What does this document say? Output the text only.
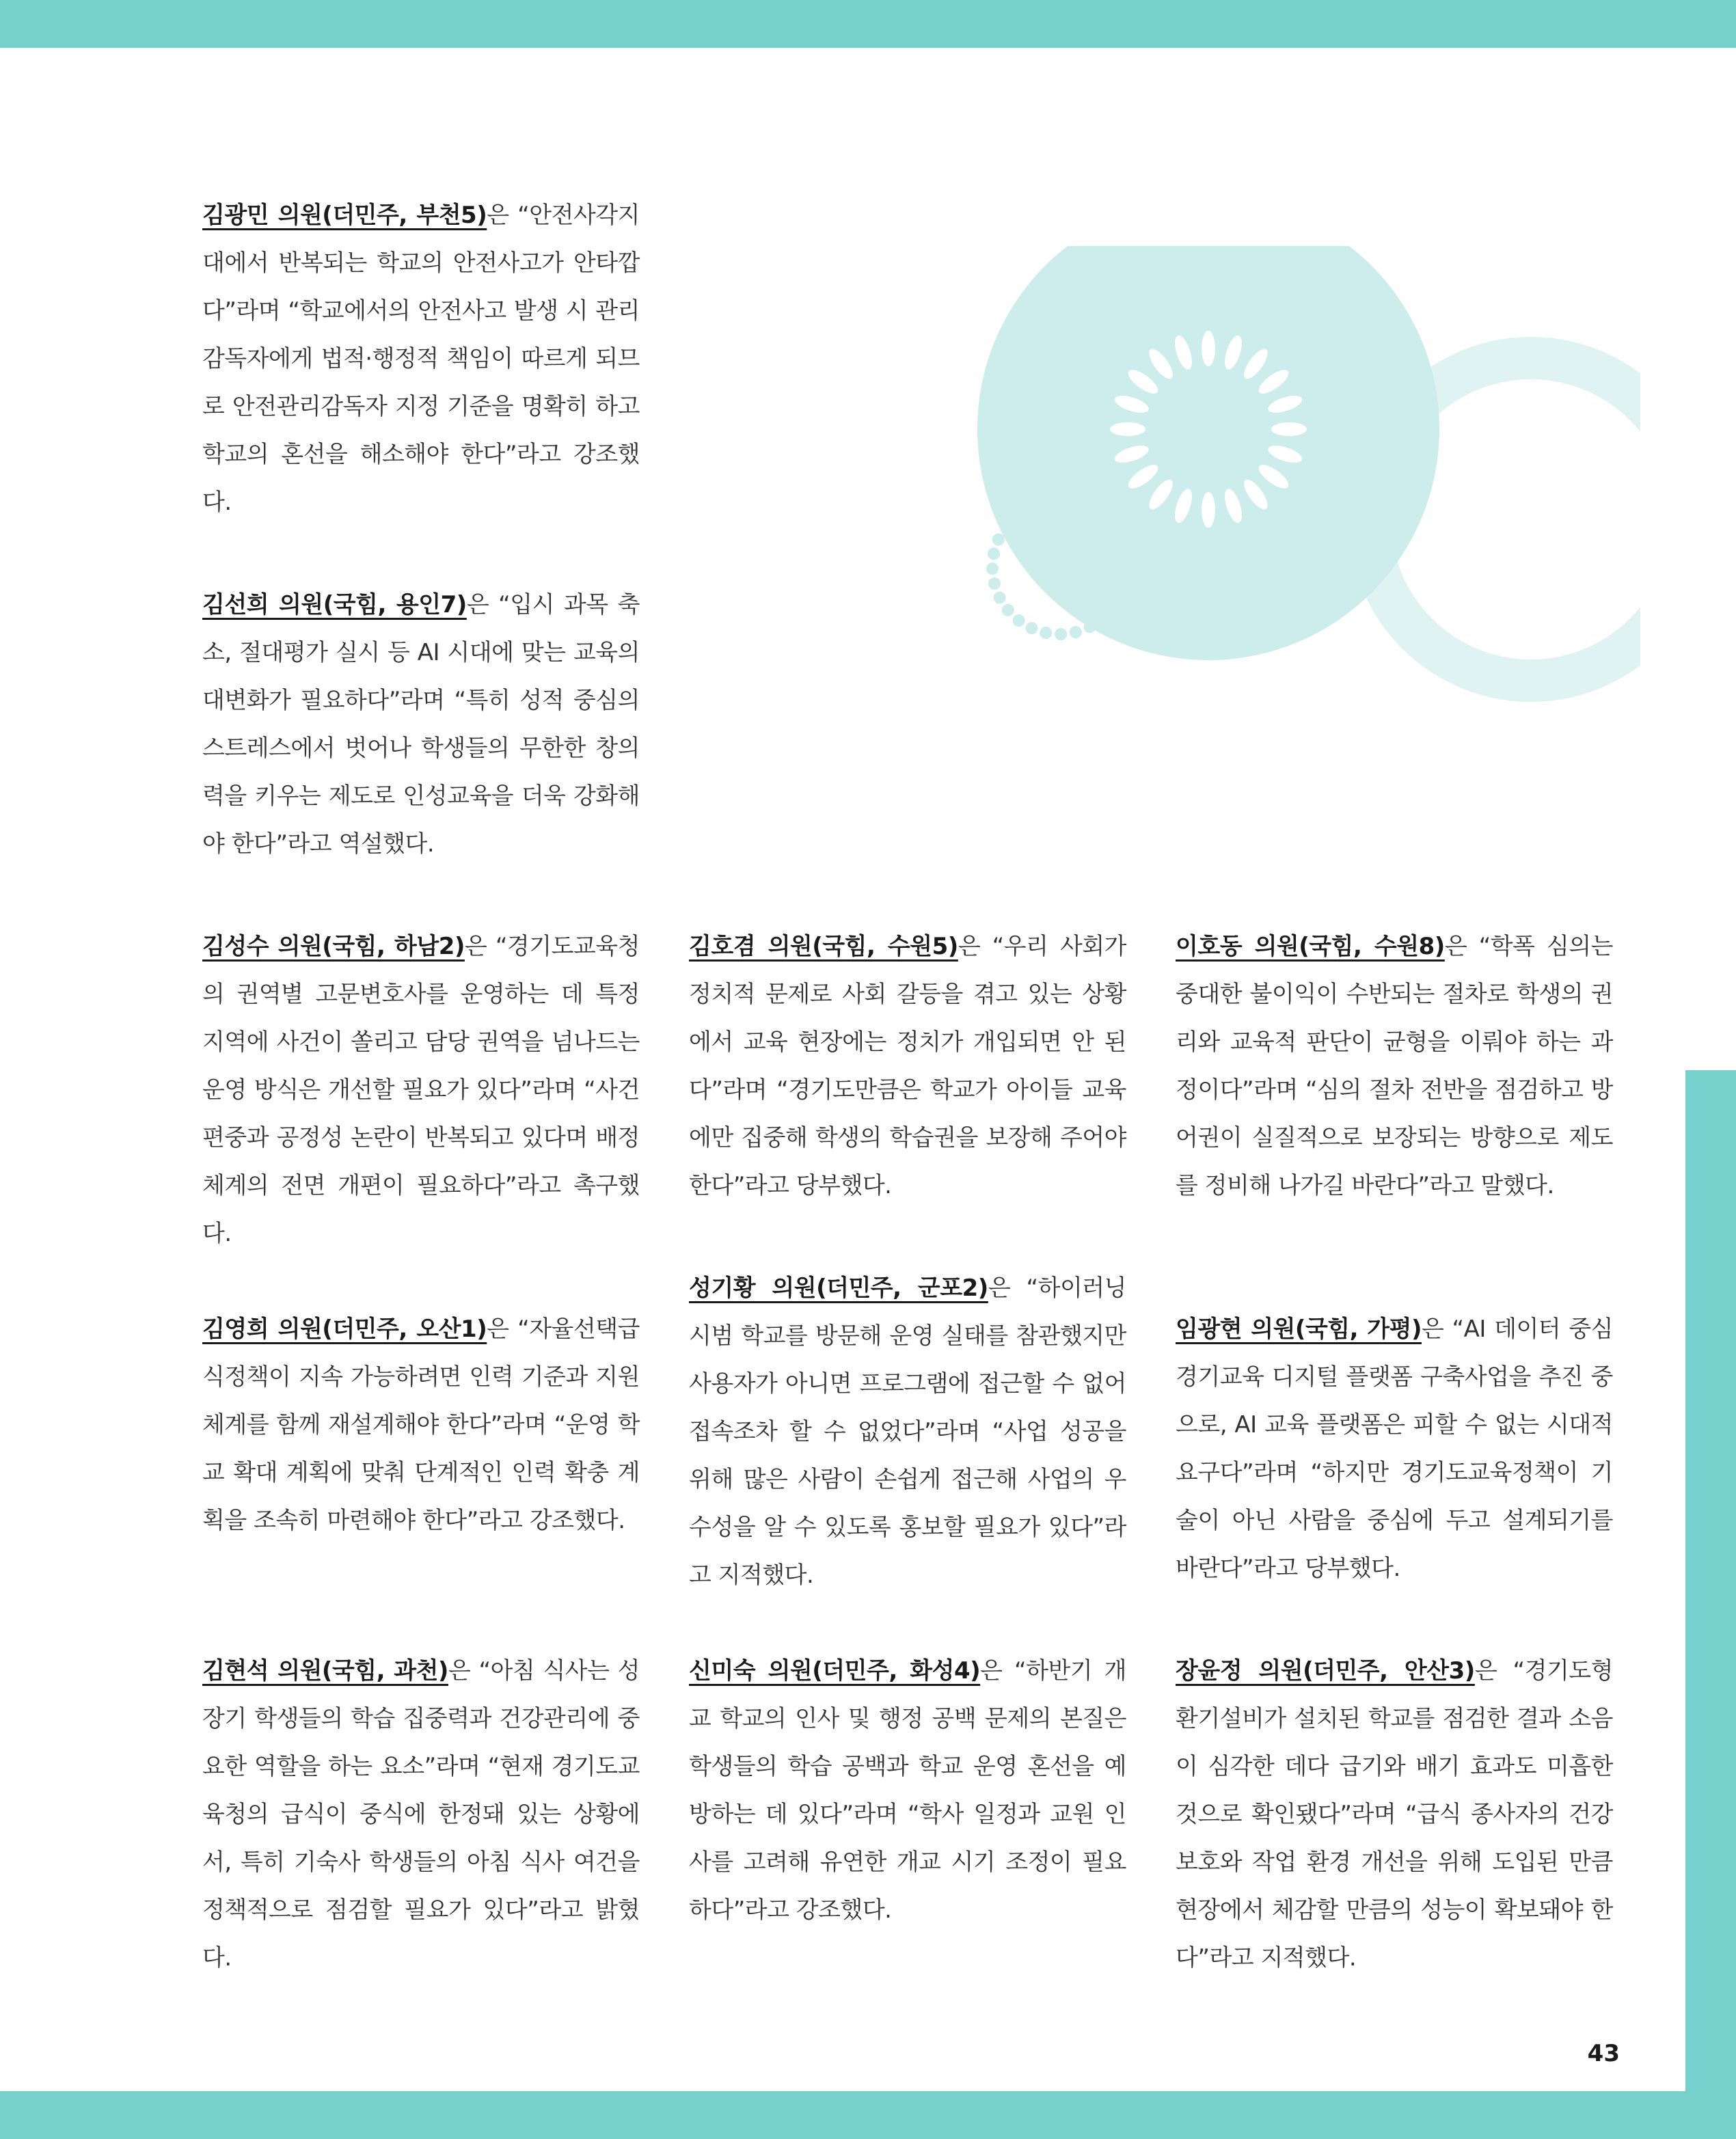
김광민 의원(더민주, 부천5)은 “안전사각지대에서 반복되는 학교의 안전사고가 안타깝다”라며 “학교에서의 안전사고 발생 시 관리감독자에게 법적·행정적 책임이 따르게 되므로 안전관리감독자 지정 기준을 명확히 하고 학교의 혼선을 해소해야 한다”라고 강조했다.
김선희 의원(국힘, 용인7)은 “입시 과목 축소, 절대평가 실시 등 AI 시대에 맞는 교육의 대변화가 필요하다”라며 “특히 성적 중심의 스트레스에서 벗어나 학생들의 무한한 창의력을 키우는 제도로 인성교육을 더욱 강화해야 한다”라고 역설했다.
김성수 의원(국힘, 하남2)은 “경기도교육청의 권역별 고문변호사를 운영하는 데 특정 지역에 사건이 쏠리고 담당 권역을 넘나드는 운영 방식은 개선할 필요가 있다”라며 “사건 편중과 공정성 논란이 반복되고 있다며 배정체계의 전면 개편이 필요하다”라고 촉구했다.
김영희 의원(더민주, 오산1)은 “자율선택급식정책이 지속 가능하려면 인력 기준과 지원체계를 함께 재설계해야 한다”라며 “운영 학교 확대 계획에 맞춰 단계적인 인력 확충 계획을 조속히 마련해야 한다”라고 강조했다.
김현석 의원(국힘, 과천)은 “아침 식사는 성장기 학생들의 학습 집중력과 건강관리에 중요한 역할을 하는 요소”라며 “현재 경기도교육청의 급식이 중식에 한정돼 있는 상황에서, 특히 기숙사 학생들의 아침 식사 여건을 정책적으로 점검할 필요가 있다”라고 밝혔다.
김호겸 의원(국힘, 수원5)은 “우리 사회가 정치적 문제로 사회 갈등을 겪고 있는 상황에서 교육 현장에는 정치가 개입되면 안 된다”라며 “경기도만큼은 학교가 아이들 교육에만 집중해 학생의 학습권을 보장해 주어야 한다”라고 당부했다.
성기황 의원(더민주, 군포2)은 “하이러닝 시범 학교를 방문해 운영 실태를 참관했지만 사용자가 아니면 프로그램에 접근할 수 없어 접속조차 할 수 없었다”라며 “사업 성공을 위해 많은 사람이 손쉽게 접근해 사업의 우수성을 알 수 있도록 홍보할 필요가 있다”라고 지적했다.
신미숙 의원(더민주, 화성4)은 “하반기 개교 학교의 인사 및 행정 공백 문제의 본질은 학생들의 학습 공백과 학교 운영 혼선을 예방하는 데 있다”라며 “학사 일정과 교원 인사를 고려해 유연한 개교 시기 조정이 필요하다”라고 강조했다.
이호동 의원(국힘, 수원8)은 “학폭 심의는 중대한 불이익이 수반되는 절차로 학생의 권리와 교육적 판단이 균형을 이뤄야 하는 과정이다”라며 “심의 절차 전반을 점검하고 방어권이 실질적으로 보장되는 방향으로 제도를 정비해 나가길 바란다”라고 말했다.
임광현 의원(국힘, 가평)은 “AI 데이터 중심 경기교육 디지털 플랫폼 구축사업을 추진 중으로, AI 교육 플랫폼은 피할 수 없는 시대적 요구다”라며 “하지만 경기도교육정책이 기술이 아닌 사람을 중심에 두고 설계되기를 바란다”라고 당부했다.
장윤정 의원(더민주, 안산3)은 “경기도형 환기설비가 설치된 학교를 점검한 결과 소음이 심각한 데다 급기와 배기 효과도 미흡한 것으로 확인됐다”라며 “급식 종사자의 건강 보호와 작업 환경 개선을 위해 도입된 만큼 현장에서 체감할 만큼의 성능이 확보돼야 한다”라고 지적했다.
43
